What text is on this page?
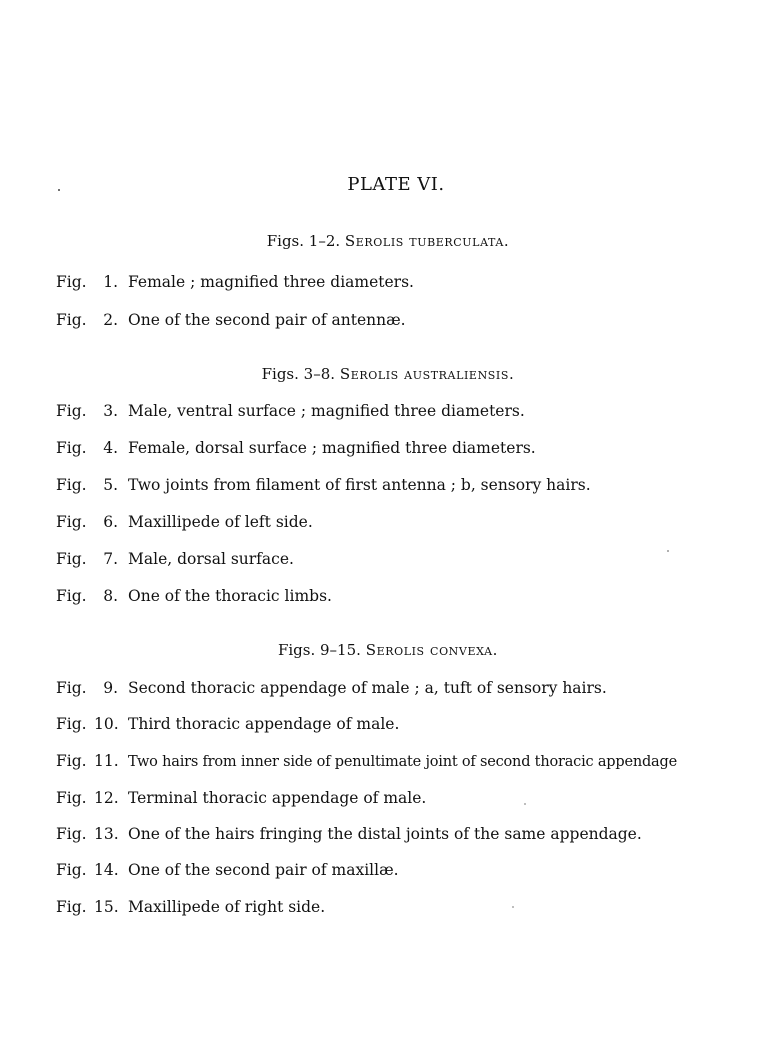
PLATE VI.
Figs. 1–2. Serolis tuberculata.
Fig. 1. Female ; magnified three diameters.
Fig. 2. One of the second pair of antennæ.
Figs. 3–8. Serolis australiensis.
Fig. 3. Male, ventral surface ; magnified three diameters.
Fig. 4. Female, dorsal surface ; magnified three diameters.
Fig. 5. Two joints from filament of first antenna ; b, sensory hairs.
Fig. 6. Maxillipede of left side.
Fig. 7. Male, dorsal surface.
Fig. 8. One of the thoracic limbs.
Figs. 9–15. Serolis convexa.
Fig. 9. Second thoracic appendage of male ; a, tuft of sensory hairs.
Fig. 10. Third thoracic appendage of male.
Fig. 11. Two hairs from inner side of penultimate joint of second thoracic appendage
Fig. 12. Terminal thoracic appendage of male.
Fig. 13. One of the hairs fringing the distal joints of the same appendage.
Fig. 14. One of the second pair of maxillæ.
Fig. 15. Maxillipede of right side.
